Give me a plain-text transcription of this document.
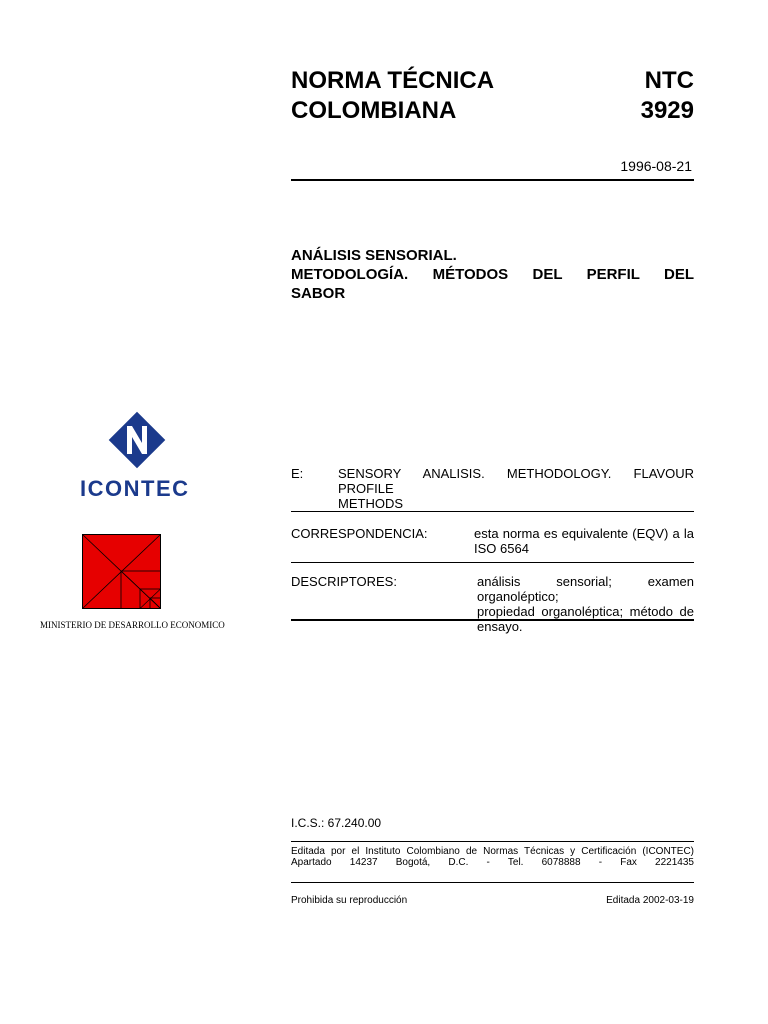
NORMA TÉCNICA	NTC
COLOMBIANA	3929
1996-08-21
ANÁLISIS SENSORIAL.
METODOLOGÍA. MÉTODOS DEL PERFIL DEL
SABOR
ICONTEC
MINISTERIO DE DESARROLLO ECONOMICO
E:	SENSORY ANALISIS. METHODOLOGY. FLAVOUR PROFILE
METHODS
CORRESPONDENCIA:	esta norma es equivalente (EQV) a la
ISO 6564
DESCRIPTORES:	análisis sensorial; examen organoléptico;
propiedad organoléptica; método de
ensayo.
I.C.S.: 67.240.00
Editada por el Instituto Colombiano de Normas Técnicas y Certificación (ICONTEC)
Apartado 14237 Bogotá, D.C. - Tel. 6078888 - Fax 2221435
Prohibida su reproducción	Editada 2002-03-19
